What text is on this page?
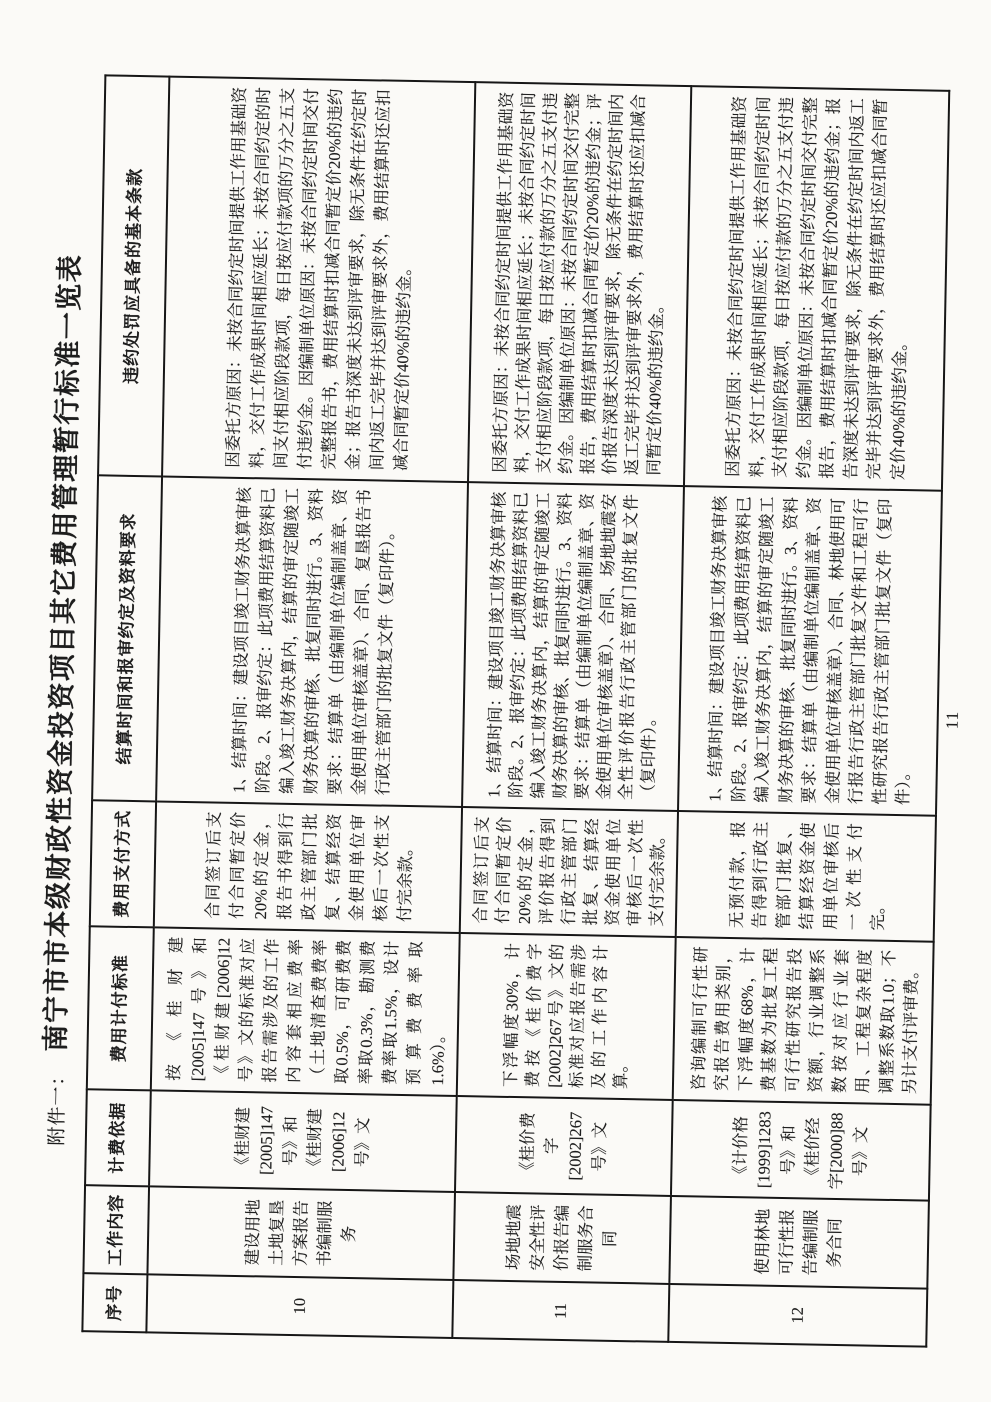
附件一：
南宁市市本级财政性资金投资项目其它费用管理暂行标准一览表
序号	工作内容	计费依据	费用计付标准	费用支付方式	结算时间和报审约定及资料要求	违约处罚应具备的基本条款
10	建设用地土地复垦方案报告书编制服务	《桂财建[2005]147号》和《桂财建[2006]12号》文	按《桂财建[2005]147号》和《桂财建[2006]12号》文的标准对应报告需涉及的工作内容套相应费率（土地清查费费率取0.5%，可研费费率取0.3%，勘测费费率取1.5%，设计预算费费率取1.6%）。	合同签订后支付合同暂定价20%的定金，报告书得到行政主管部门批复、结算经资金使用单位审核后一次性支付完余款。	1、结算时间：建设项目竣工财务决算审核阶段。2、报审约定：此项费用结算资料已编入竣工财务决算内，结算的审定随竣工财务决算的审核、批复同时进行。3、资料要求：结算单（由编制单位编制盖章、资金使用单位审核盖章）、合同、复垦报告书行政主管部门的批复文件（复印件）。	因委托方原因：未按合同约定时间提供工作用基础资料，交付工作成果时间相应延长；未按合同约定的时间支付相应阶段款项，每日按应付款项的万分之五支付违约金。因编制单位原因：未按合同约定时间交付完整报告书，费用结算时扣减合同暂定价20%的违约金；报告书深度未达到评审要求，除无条件在约定时间内返工完毕并达到评审要求外，费用结算时还应扣减合同暂定价40%的违约金。
11	场地地震安全性评价报告编制服务合同	《桂价费字[2002]267号》文	下浮幅度30%，计费按《桂价费字[2002]267号》文的标准对应报告需涉及的工作内容计算。	合同签订后支付合同暂定价20%的定金，评价报告得到行政主管部门批复、结算经资金使用单位审核后一次性支付完余款。	1、结算时间：建设项目竣工财务决算审核阶段。2、报审约定：此项费用结算资料已编入竣工财务决算内，结算的审定随竣工财务决算的审核、批复同时进行。3、资料要求：结算单（由编制单位编制盖章、资金使用单位审核盖章）、合同、场地地震安全性评价报告行政主管部门的批复文件（复印件）。	因委托方原因：未按合同约定时间提供工作用基础资料，交付工作成果时间相应延长；未按合同约定时间支付相应阶段款项，每日按应付款的万分之五支付违约金。因编制单位原因：未按合同约定时间交付完整报告，费用结算时扣减合同暂定价20%的违约金；评价报告深度未达到评审要求，除无条件在约定时间内返工完毕并达到评审要求外，费用结算时还应扣减合同暂定价40%的违约金。
12	使用林地可行性报告编制服务合同	《计价格[1999]1283号》和《桂价经字[2000]88号》文	咨询编制可行性研究报告费用类别，下浮幅度68%，计费基数为批复工程可行性研究报告投资额，行业调整系数按对应行业套用、工程复杂程度调整系数取1.0；不另计支付评审费。	无预付款，报告得到行政主管部门批复、结算经资金使用单位审核后一次性支付完。	1、结算时间：建设项目竣工财务决算审核阶段。2、报审约定：此项费用结算资料已编入竣工财务决算内，结算的审定随竣工财务决算的审核、批复同时进行。3、资料要求：结算单（由编制单位编制盖章、资金使用单位审核盖章）、合同、林地使用可行报告行政主管部门批复文件和工程可行性研究报告行政主管部门批复文件（复印件）。	因委托方原因：未按合同约定时间提供工作用基础资料，交付工作成果时间相应延长；未按合同约定时间支付相应阶段款项，每日按应付款的万分之五支付违约金。因编制单位原因：未按合同约定时间交付完整报告，费用结算时扣减合同暂定价20%的违约金；报告深度未达到评审要求，除无条件在约定时间内返工完毕并达到评审要求外，费用结算时还应扣减合同暂定价40%的违约金。
11
